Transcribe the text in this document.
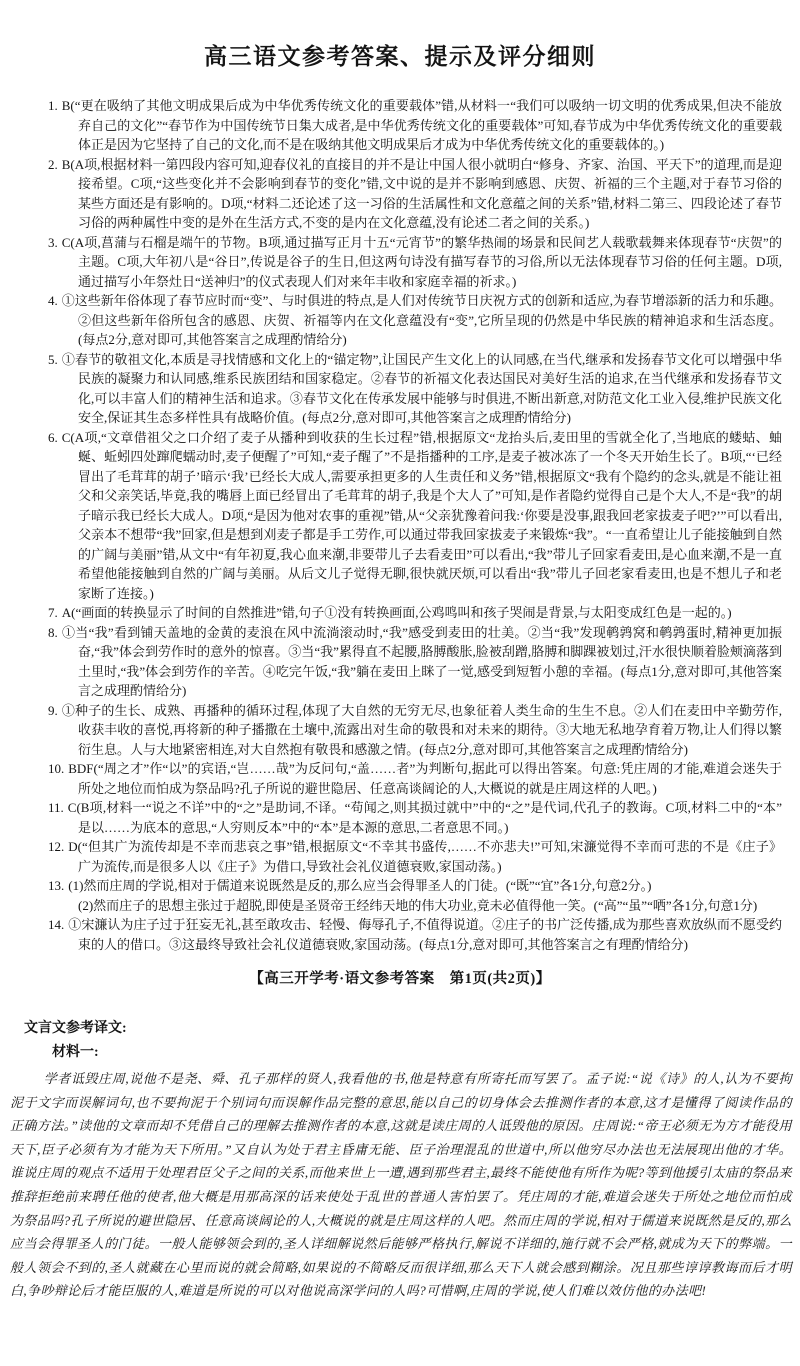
高三语文参考答案、提示及评分细则

1. B(“更在吸纳了其他文明成果后成为中华优秀传统文化的重要载体”错,从材料一“我们可以吸纳一切文明的优秀成果,但决不能放弃自己的文化”“春节作为中国传统节日集大成者,是中华优秀传统文化的重要载体”可知,春节成为中华优秀传统文化的重要载体正是因为它坚持了自己的文化,而不是在吸纳其他文明成果后才成为中华优秀传统文化的重要载体的。)

2. B(A项,根据材料一第四段内容可知,迎春仪礼的直接目的并不是让中国人很小就明白“修身、齐家、治国、平天下”的道理,而是迎接希望。C项,“这些变化并不会影响到春节的变化”错,文中说的是并不影响到感恩、庆贺、祈福的三个主题,对于春节习俗的某些方面还是有影响的。D项,“材料二还论述了这一习俗的生活属性和文化意蕴之间的关系”错,材料二第三、四段论述了春节习俗的两种属性中变的是外在生活方式,不变的是内在文化意蕴,没有论述二者之间的关系。)

3. C(A项,菖蒲与石榴是端午的节物。B项,通过描写正月十五“元宵节”的繁华热闹的场景和民间艺人载歌载舞来体现春节“庆贺”的主题。C项,大年初八是“谷日”,传说是谷子的生日,但这两句诗没有描写春节的习俗,所以无法体现春节习俗的任何主题。D项,通过描写小年祭灶日“送神归”的仪式表现人们对来年丰收和家庭幸福的祈求。)

4. ①这些新年俗体现了春节应时而“变”、与时俱进的特点,是人们对传统节日庆祝方式的创新和适应,为春节增添新的活力和乐趣。②但这些新年俗所包含的感恩、庆贺、祈福等内在文化意蕴没有“变”,它所呈现的仍然是中华民族的精神追求和生活态度。(每点2分,意对即可,其他答案言之成理酌情给分)

5. ①春节的敬祖文化,本质是寻找情感和文化上的“锚定物”,让国民产生文化上的认同感,在当代,继承和发扬春节文化可以增强中华民族的凝聚力和认同感,维系民族团结和国家稳定。②春节的祈福文化表达国民对美好生活的追求,在当代继承和发扬春节文化,可以丰富人们的精神生活和追求。③春节文化在传承发展中能够与时俱进,不断出新意,对防范文化工业入侵,维护民族文化安全,保证其生态多样性具有战略价值。(每点2分,意对即可,其他答案言之成理酌情给分)

6. C(A项,“文章借祖父之口介绍了麦子从播种到收获的生长过程”错,根据原文“龙抬头后,麦田里的雪就全化了,当地底的蝼蛄、蚰蜒、蚯蚓四处蹿爬蠕动时,麦子便醒了”可知,“麦子醒了”不是指播种的工序,是麦子被冰冻了一个冬天开始生长了。B项,“‘已经冒出了毛茸茸的胡子’暗示‘我’已经长大成人,需要承担更多的人生责任和义务”错,根据原文“我有个隐约的念头,就是不能让祖父和父亲笑话,毕竟,我的嘴唇上面已经冒出了毛茸茸的胡子,我是个大人了”可知,是作者隐约觉得自己是个大人,不是“我”的胡子暗示我已经长大成人。D项,“是因为他对农事的重视”错,从“父亲犹豫着问我:‘你要是没事,跟我回老家拔麦子吧?’”可以看出,父亲本不想带“我”回家,但是想到刈麦子都是手工劳作,可以通过带我回家拔麦子来锻炼“我”。“一直希望让儿子能接触到自然的广阔与美丽”错,从文中“有年初夏,我心血来潮,非要带儿子去看麦田”可以看出,“我”带儿子回家看麦田,是心血来潮,不是一直希望他能接触到自然的广阔与美丽。从后文儿子觉得无聊,很快就厌烦,可以看出“我”带儿子回老家看麦田,也是不想儿子和老家断了连接。)

7. A(“画面的转换显示了时间的自然推进”错,句子①没有转换画面,公鸡鸣叫和孩子哭闹是背景,与太阳变成红色是一起的。)

8. ①当“我”看到铺天盖地的金黄的麦浪在风中流淌滚动时,“我”感受到麦田的壮美。②当“我”发现鹌鹑窝和鹌鹑蛋时,精神更加振奋,“我”体会到劳作时的意外的惊喜。③当“我”累得直不起腰,胳膊酸胀,脸被刮蹭,胳膊和脚踝被划过,汗水很快顺着脸颊滴落到土里时,“我”体会到劳作的辛苦。④吃完午饭,“我”躺在麦田上眯了一觉,感受到短暂小憩的幸福。(每点1分,意对即可,其他答案言之成理酌情给分)

9. ①种子的生长、成熟、再播种的循环过程,体现了大自然的无穷无尽,也象征着人类生命的生生不息。②人们在麦田中辛勤劳作,收获丰收的喜悦,再将新的种子播撒在土壤中,流露出对生命的敬畏和对未来的期待。③大地无私地孕育着万物,让人们得以繁衍生息。人与大地紧密相连,对大自然抱有敬畏和感激之情。(每点2分,意对即可,其他答案言之成理酌情给分)

10. BDF(“周之才”作“以”的宾语,“岂……哉”为反问句,“盖……者”为判断句,据此可以得出答案。句意:凭庄周的才能,难道会迷失于所处之地位而怕成为祭品吗?孔子所说的避世隐居、任意高谈阔论的人,大概说的就是庄周这样的人吧。)

11. C(B项,材料一“说之不详”中的“之”是助词,不译。“苟闻之,则其损过就中”中的“之”是代词,代孔子的教诲。C项,材料二中的“本”是以……为底本的意思,“人穷则反本”中的“本”是本源的意思,二者意思不同。)

12. D(“但其广为流传却是不幸而悲哀之事”错,根据原文“不幸其书盛传,……不亦悲夫!”可知,宋濂觉得不幸而可悲的不是《庄子》广为流传,而是很多人以《庄子》为借口,导致社会礼仪道德衰败,家国动荡。)

13. (1)然而庄周的学说,相对于儒道来说既然是反的,那么应当会得罪圣人的门徒。(“既”“宜”各1分,句意2分。)

(2)然而庄子的思想主张过于超脱,即使是圣贤帝王经纬天地的伟大功业,竟未必值得他一笑。(“高”“虽”“哂”各1分,句意1分)

14. ①宋濂认为庄子过于狂妄无礼,甚至敢攻击、轻慢、侮辱孔子,不值得说道。②庄子的书广泛传播,成为那些喜欢放纵而不愿受约束的人的借口。③这最终导致社会礼仪道德衰败,家国动荡。(每点1分,意对即可,其他答案言之有理酌情给分)

【高三开学考·语文参考答案　第1页(共2页)】

文言文参考译文:

材料一:

学者诋毁庄周,说他不是尧、舜、孔子那样的贤人,我看他的书,他是特意有所寄托而写罢了。孟子说:“说《诗》的人,认为不要拘泥于文字而误解词句,也不要拘泥于个别词句而误解作品完整的意思,能以自己的切身体会去推测作者的本意,这才是懂得了阅读作品的正确方法。”读他的文章而却不凭借自己的理解去推测作者的本意,这就是读庄周的人诋毁他的原因。庄周说:“帝王必须无为方才能役用天下,臣子必须有为才能为天下所用。”又自认为处于君主昏庸无能、臣子治理混乱的世道中,所以他穷尽办法也无法展现出他的才华。谁说庄周的观点不适用于处理君臣父子之间的关系,而他来世上一遭,遇到那些君主,最终不能使他有所作为呢?等到他援引太庙的祭品来推辞拒绝前来聘任他的使者,他大概是用那高深的话来使处于乱世的普通人害怕罢了。凭庄周的才能,难道会迷失于所处之地位而怕成为祭品吗?孔子所说的避世隐居、任意高谈阔论的人,大概说的就是庄周这样的人吧。然而庄周的学说,相对于儒道来说既然是反的,那么应当会得罪圣人的门徒。一般人能够领会到的,圣人详细解说然后能够严格执行,解说不详细的,施行就不会严格,就成为天下的弊端。一般人领会不到的,圣人就藏在心里而说的就会简略,如果说的不简略反而很详细,那么天下人就会感到糊涂。况且那些谆谆教诲而后才明白,争吵辩论后才能臣服的人,难道是所说的可以对他说高深学问的人吗?可惜啊,庄周的学说,使人们难以效仿他的办法吧!
